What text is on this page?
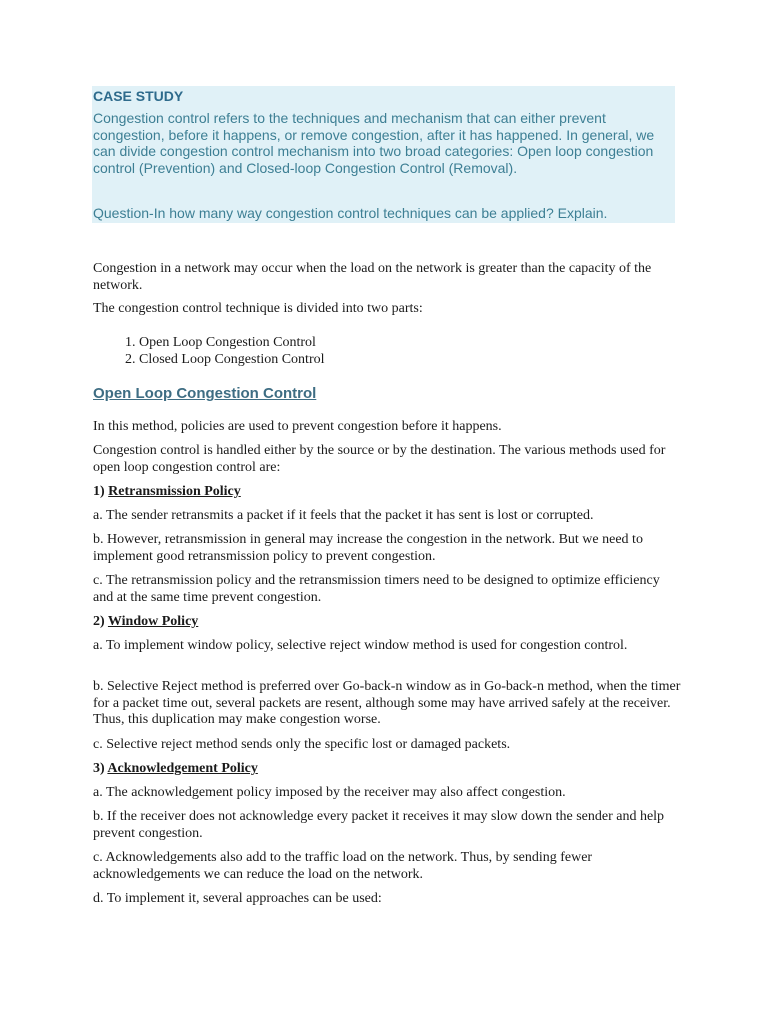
CASE STUDY
Congestion control refers to the techniques and mechanism that can either prevent congestion, before it happens, or remove congestion, after it has happened. In general, we can divide congestion control mechanism into two broad categories: Open loop congestion control (Prevention) and Closed-loop Congestion Control (Removal).
Question-In how many way congestion control techniques can be applied? Explain.

Congestion in a network may occur when the load on the network is greater than the capacity of the network.

The congestion control technique is divided into two parts:

1. Open Loop Congestion Control
2. Closed Loop Congestion Control
Open Loop Congestion Control

In this method, policies are used to prevent congestion before it happens.

Congestion control is handled either by the source or by the destination. The various methods used for open loop congestion control are:

1) Retransmission Policy

a. The sender retransmits a packet if it feels that the packet it has sent is lost or corrupted.

b. However, retransmission in general may increase the congestion in the network. But we need to implement good retransmission policy to prevent congestion.

c. The retransmission policy and the retransmission timers need to be designed to optimize efficiency and at the same time prevent congestion.

2) Window Policy

a. To implement window policy, selective reject window method is used for congestion control.

b. Selective Reject method is preferred over Go-back-n window as in Go-back-n method, when the timer for a packet time out, several packets are resent, although some may have arrived safely at the receiver. Thus, this duplication may make congestion worse.

c. Selective reject method sends only the specific lost or damaged packets.

3) Acknowledgement Policy

a. The acknowledgement policy imposed by the receiver may also affect congestion.

b. If the receiver does not acknowledge every packet it receives it may slow down the sender and help prevent congestion.

c. Acknowledgements also add to the traffic load on the network. Thus, by sending fewer acknowledgements we can reduce the load on the network.

d. To implement it, several approaches can be used:
